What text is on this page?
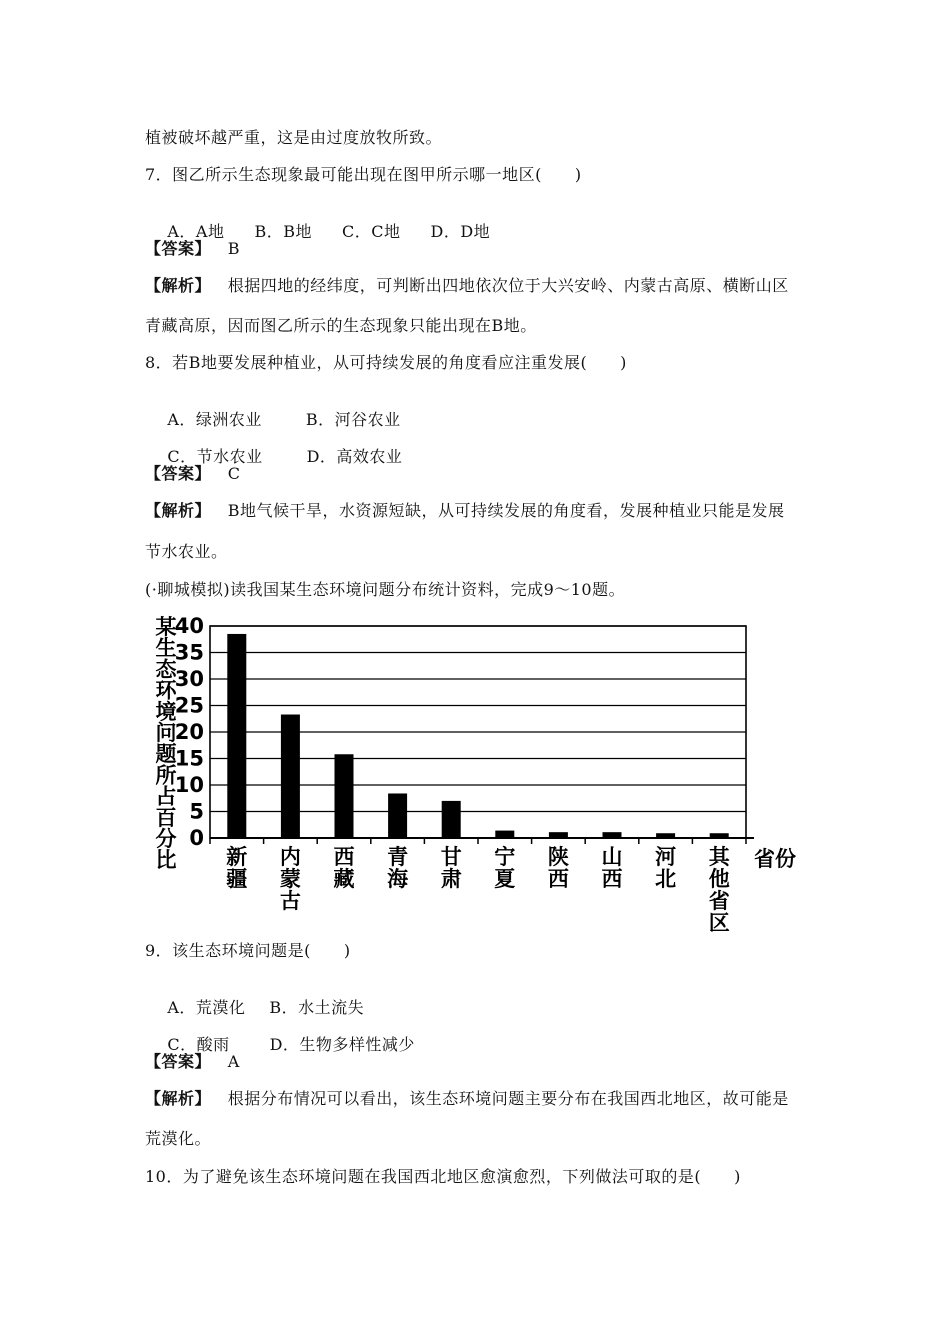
植被破坏越严重，这是由过度放牧所致。
7．图乙所示生态现象最可能出现在图甲所示哪一地区(　　)

A．A地 B．B地 C．C地 D．D地

【答案】 B
【解析】 根据四地的经纬度，可判断出四地依次位于大兴安岭、内蒙古高原、横断山区
青藏高原，因而图乙所示的生态现象只能出现在B地。
8．若B地要发展种植业，从可持续发展的角度看应注重发展(　　)

A．绿洲农业	B．河谷农业

C．节水农业	D．高效农业

【答案】 C
【解析】 B地气候干旱，水资源短缺，从可持续发展的角度看，发展种植业只能是发展
节水农业。
(·聊城模拟)读我国某生态环境问题分布统计资料，完成9～10题。
0
5
10
15
20
25
30
35
40
某
生
态
环
境
问
题
所
占
百
分
比 新
疆
内
蒙
古
西
藏
青
海
甘
肃
宁
夏
陕
西
山
西
河
北
其
他
省
区
省份
9．该生态环境问题是(　　)

A．荒漠化 B．水土流失

C．酸雨	D．生物多样性减少

【答案】 A
【解析】 根据分布情况可以看出，该生态环境问题主要分布在我国西北地区，故可能是
荒漠化。
10．为了避免该生态环境问题在我国西北地区愈演愈烈，下列做法可取的是(　　)
